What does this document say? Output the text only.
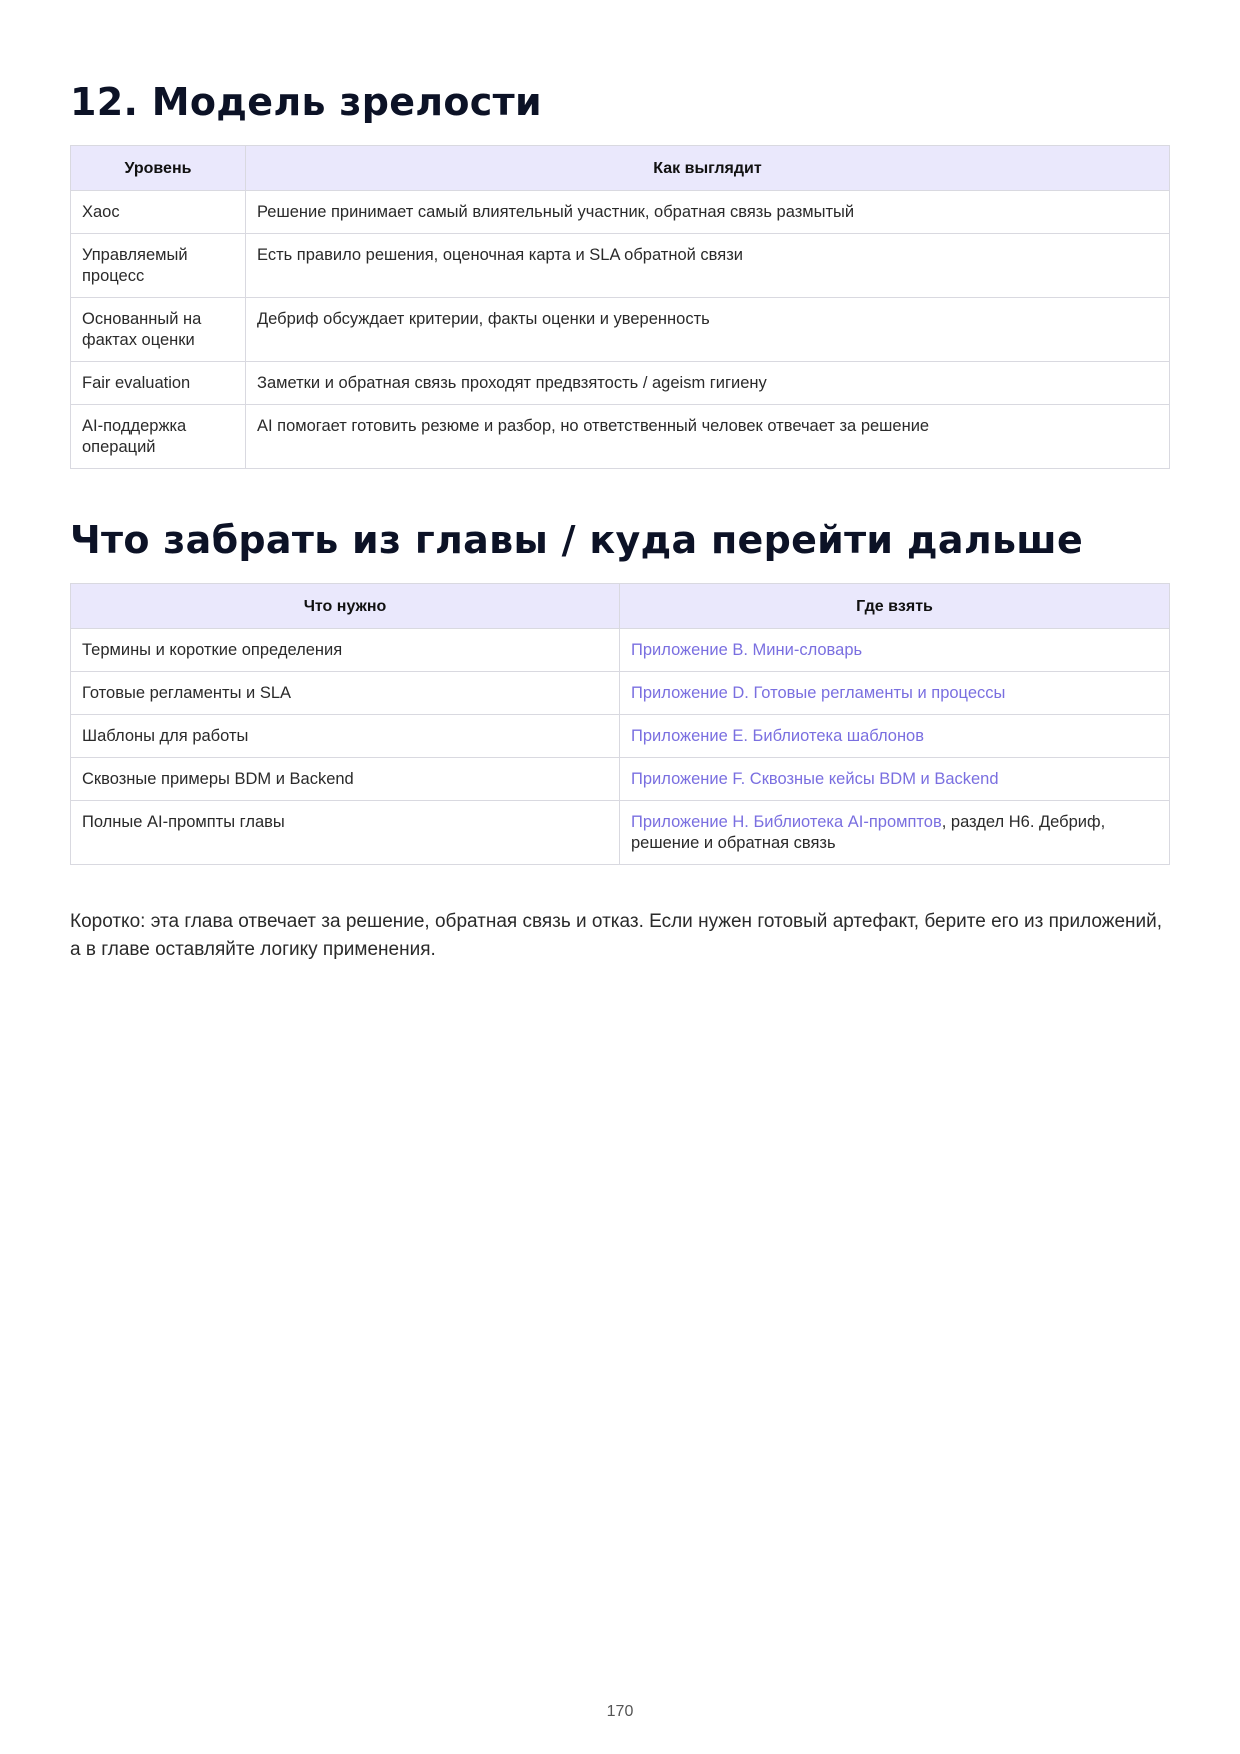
12. Модель зрелости
Уровень	Как выглядит
Хаос	Решение принимает самый влиятельный участник, обратная связь размытый
Управляемый процесс	Есть правило решения, оценочная карта и SLA обратной связи
Основанный на фактах оценки	Дебриф обсуждает критерии, факты оценки и уверенность
Fair evaluation	Заметки и обратная связь проходят предвзятость / ageism гигиену
AI-поддержка операций	AI помогает готовить резюме и разбор, но ответственный человек отвечает за решение
Что забрать из главы / куда перейти дальше
Что нужно	Где взять
Термины и короткие определения	Приложение B. Мини-словарь
Готовые регламенты и SLA	Приложение D. Готовые регламенты и процессы
Шаблоны для работы	Приложение E. Библиотека шаблонов
Сквозные примеры BDM и Backend	Приложение F. Сквозные кейсы BDM и Backend
Полные AI-промпты главы	Приложение H. Библиотека AI-промптов, раздел H6. Дебриф, решение и обратная связь

Коротко: эта глава отвечает за решение, обратная связь и отказ. Если нужен готовый артефакт, берите его из приложений, а в главе оставляйте логику применения.

170
